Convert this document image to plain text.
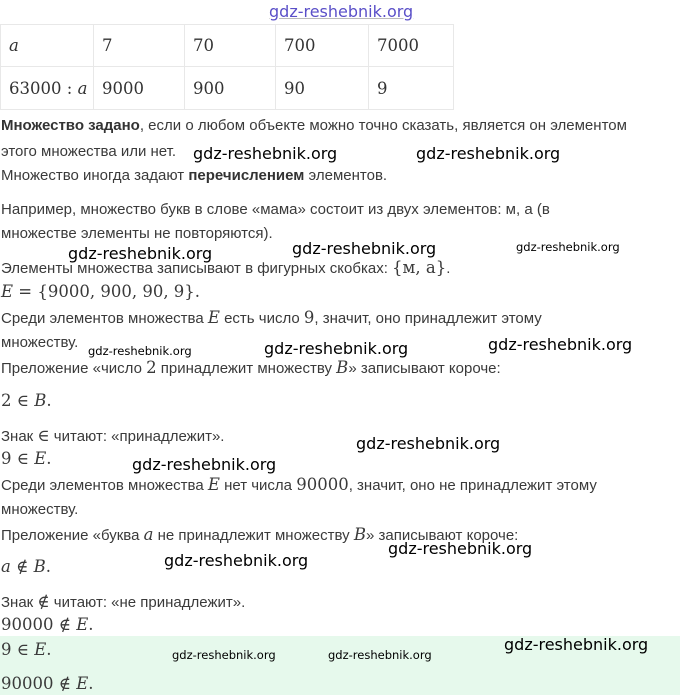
gdz-reshebnik.org
a	7	70	700	7000
63000 : a	9000	900	90	9
Множество задано, если о любом объекте можно точно сказать, является он элементом
этого множества или нет.
Множество иногда задают перечислением элементов.
Например, множество букв в слове «мама» состоит из двух элементов: м, а (в
множестве элементы не повторяются).
Элементы множества записывают в фигурных скобках: {м, а}.
E = {9000, 900, 90, 9}.
Среди элементов множества E есть число 9, значит, оно принадлежит этому
множеству.
Преложение «число 2 принадлежит множеству B» записывают короче:
2 ∈ B.
Знак ∈ читают: «принадлежит».
9 ∈ E.
Среди элементов множества E нет числа 90000, значит, оно не принадлежит этому
множеству.
Преложение «буква a не принадлежит множеству B» записывают короче:
a ∉ B.
Знак ∉ читают: «не принадлежит».
90000 ∉ E.
9 ∈ E.
90000 ∉ E.
gdz-reshebnik.org	gdz-reshebnik.org
gdz-reshebnik.org	gdz-reshebnik.org	gdz-reshebnik.org
gdz-reshebnik.org	gdz-reshebnik.org	gdz-reshebnik.org
gdz-reshebnik.org
gdz-reshebnik.org
gdz-reshebnik.org
gdz-reshebnik.org
gdz-reshebnik.org
gdz-reshebnik.org	gdz-reshebnik.org
